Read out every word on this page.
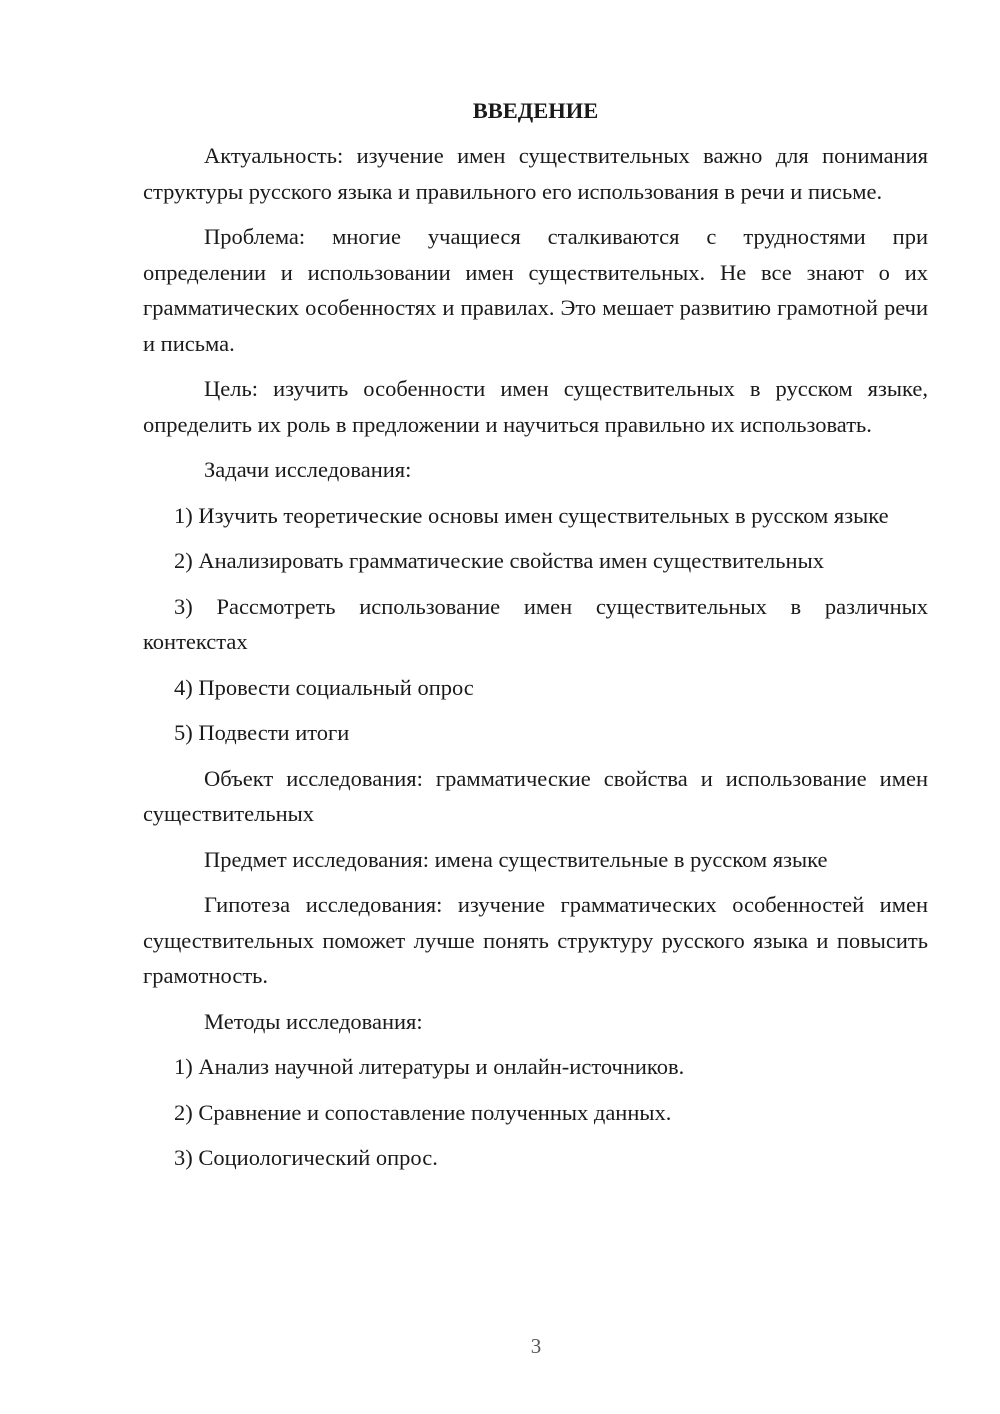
ВВЕДЕНИЕ

Актуальность: изучение имен существительных важно для понимания структуры русского языка и правильного его использования в речи и письме.

Проблема: многие учащиеся сталкиваются с трудностями при определении и использовании имен существительных. Не все знают о их грамматических особенностях и правилах. Это мешает развитию грамотной речи и письма.

Цель: изучить особенности имен существительных в русском языке, определить их роль в предложении и научиться правильно их использовать.

Задачи исследования:

1) Изучить теоретические основы имен существительных в русском языке

2) Анализировать грамматические свойства имен существительных

3) Рассмотреть использование имен существительных в различных контекстах

4) Провести социальный опрос

5) Подвести итоги

Объект исследования: грамматические свойства и использование имен существительных

Предмет исследования: имена существительные в русском языке

Гипотеза исследования: изучение грамматических особенностей имен существительных поможет лучше понять структуру русского языка и повысить грамотность.

Методы исследования:

1) Анализ научной литературы и онлайн-источников.

2) Сравнение и сопоставление полученных данных.

3) Социологический опрос.

3
